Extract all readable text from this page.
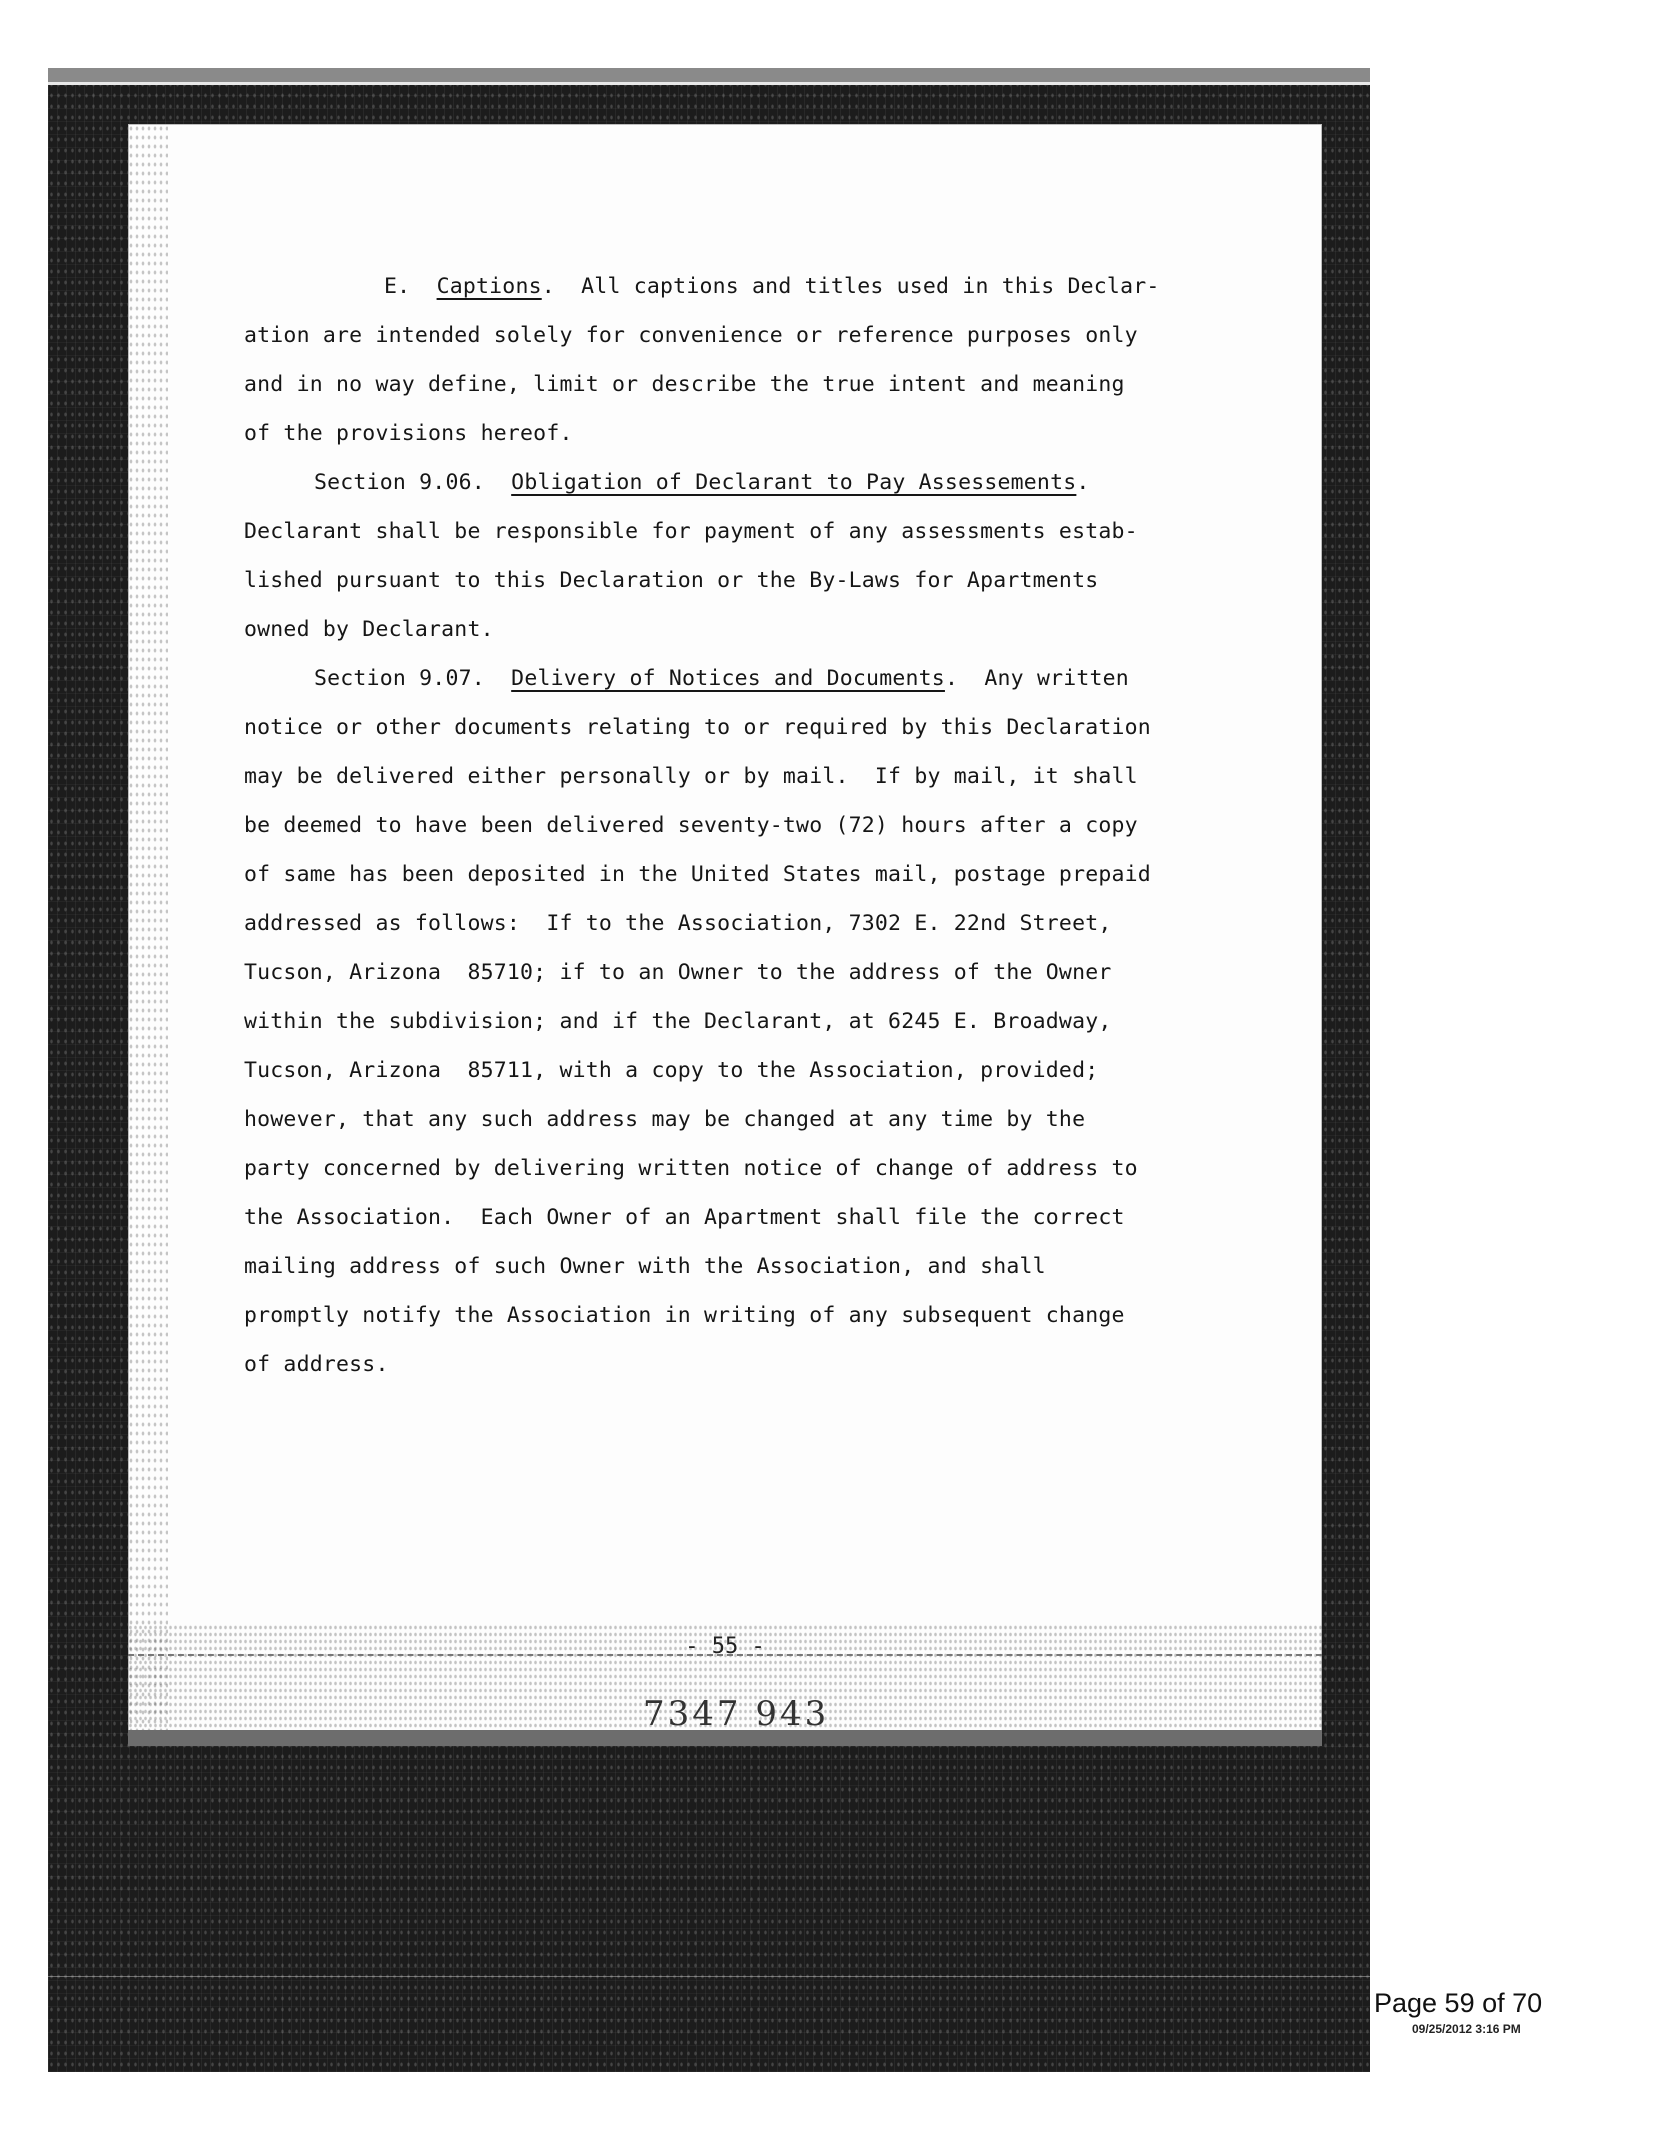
E.  Captions.  All captions and titles used in this Declar-
ation are intended solely for convenience or reference purposes only
and in no way define, limit or describe the true intent and meaning
of the provisions hereof.
Section 9.06.  Obligation of Declarant to Pay Assessements.
Declarant shall be responsible for payment of any assessments estab-
lished pursuant to this Declaration or the By-Laws for Apartments
owned by Declarant.
Section 9.07.  Delivery of Notices and Documents.  Any written
notice or other documents relating to or required by this Declaration
may be delivered either personally or by mail.  If by mail, it shall
be deemed to have been delivered seventy-two (72) hours after a copy
of same has been deposited in the United States mail, postage prepaid
addressed as follows:  If to the Association, 7302 E. 22nd Street,
Tucson, Arizona  85710; if to an Owner to the address of the Owner
within the subdivision; and if the Declarant, at 6245 E. Broadway,
Tucson, Arizona  85711, with a copy to the Association, provided;
however, that any such address may be changed at any time by the
party concerned by delivering written notice of change of address to
the Association.  Each Owner of an Apartment shall file the correct
mailing address of such Owner with the Association, and shall
promptly notify the Association in writing of any subsequent change
of address.
- 55 -
7347 943
Page 59 of 70
09/25/2012 3:16 PM
